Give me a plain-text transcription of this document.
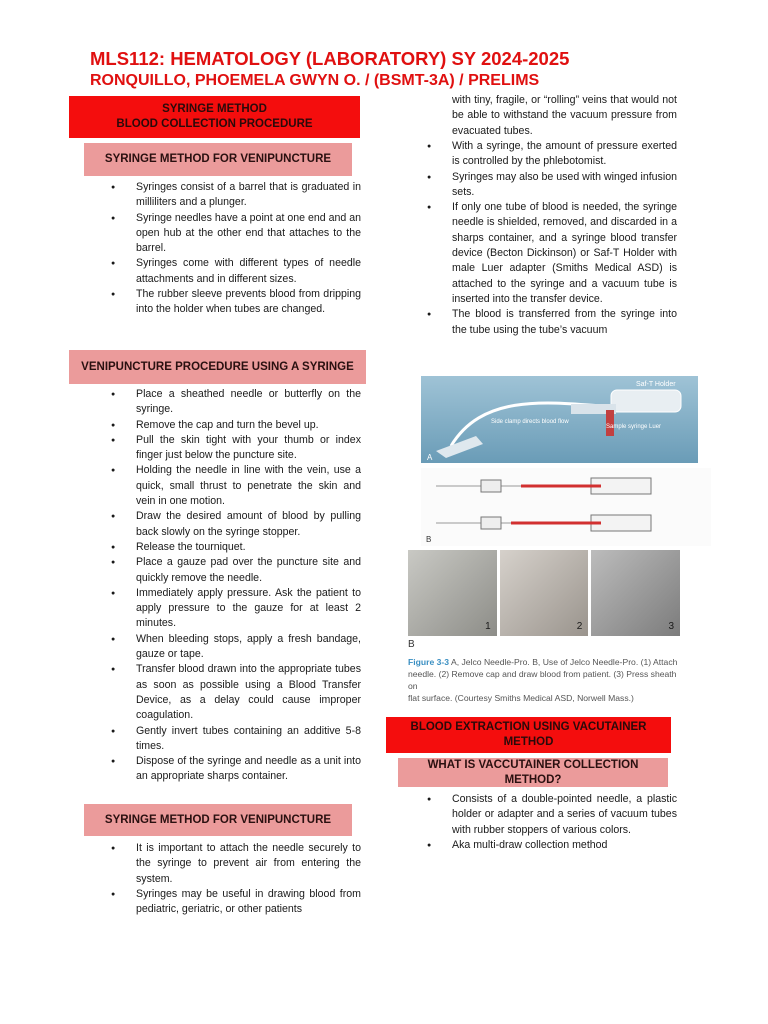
MLS112: HEMATOLOGY (LABORATORY) SY 2024-2025
RONQUILLO, PHOEMELA GWYN O. / (BSMT-3A) / PRELIMS
SYRINGE METHOD
BLOOD COLLECTION PROCEDURE
SYRINGE METHOD FOR VENIPUNCTURE
● Syringes consist of a barrel that is graduated in milliliters and a plunger.
● Syringe needles have a point at one end and an open hub at the other end that attaches to the barrel.
● Syringes come with different types of needle attachments and in different sizes.
● The rubber sleeve prevents blood from dripping into the holder when tubes are changed.
VENIPUNCTURE PROCEDURE USING A SYRINGE
● Place a sheathed needle or butterfly on the syringe.
● Remove the cap and turn the bevel up.
● Pull the skin tight with your thumb or index finger just below the puncture site.
● Holding the needle in line with the vein, use a quick, small thrust to penetrate the skin and vein in one motion.
● Draw the desired amount of blood by pulling back slowly on the syringe stopper.
● Release the tourniquet.
● Place a gauze pad over the puncture site and quickly remove the needle.
● Immediately apply pressure. Ask the patient to apply pressure to the gauze for at least 2 minutes.
● When bleeding stops, apply a fresh bandage, gauze or tape.
● Transfer blood drawn into the appropriate tubes as soon as possible using a Blood Transfer Device, as a delay could cause improper coagulation.
● Gently invert tubes containing an additive 5-8 times.
● Dispose of the syringe and needle as a unit into an appropriate sharps container.
SYRINGE METHOD FOR VENIPUNCTURE
● It is important to attach the needle securely to the syringe to prevent air from entering the system.
● Syringes may be useful in drawing blood from pediatric, geriatric, or other patients
with tiny, fragile, or “rolling” veins that would not be able to withstand the vacuum pressure from evacuated tubes.
● With a syringe, the amount of pressure exerted is controlled by the phlebotomist.
● Syringes may also be used with winged infusion sets.
● If only one tube of blood is needed, the syringe needle is shielded, removed, and discarded in a sharps container, and a syringe blood transfer device (Becton Dickinson) or Saf-T Holder with male Luer adapter (Smiths Medical ASD) is attached to the syringe and a vacuum tube is inserted into the transfer device.
● The blood is transferred from the syringe into the tube using the tube’s vacuum
Saf-T Holder
Side clamp directs blood flow
Sample syringe Luer
A
B
1	2	3
B
Figure 3-3 A, Jelco Needle-Pro. B, Use of Jelco Needle-Pro. (1) Attach
needle. (2) Remove cap and draw blood from patient. (3) Press sheath on
flat surface. (Courtesy Smiths Medical ASD, Norwell Mass.)
BLOOD EXTRACTION USING VACUTAINER
METHOD
WHAT IS VACCUTAINER COLLECTION METHOD?
● Consists of a double-pointed needle, a plastic holder or adapter and a series of vacuum tubes with rubber stoppers of various colors.
● Aka multi-draw collection method
